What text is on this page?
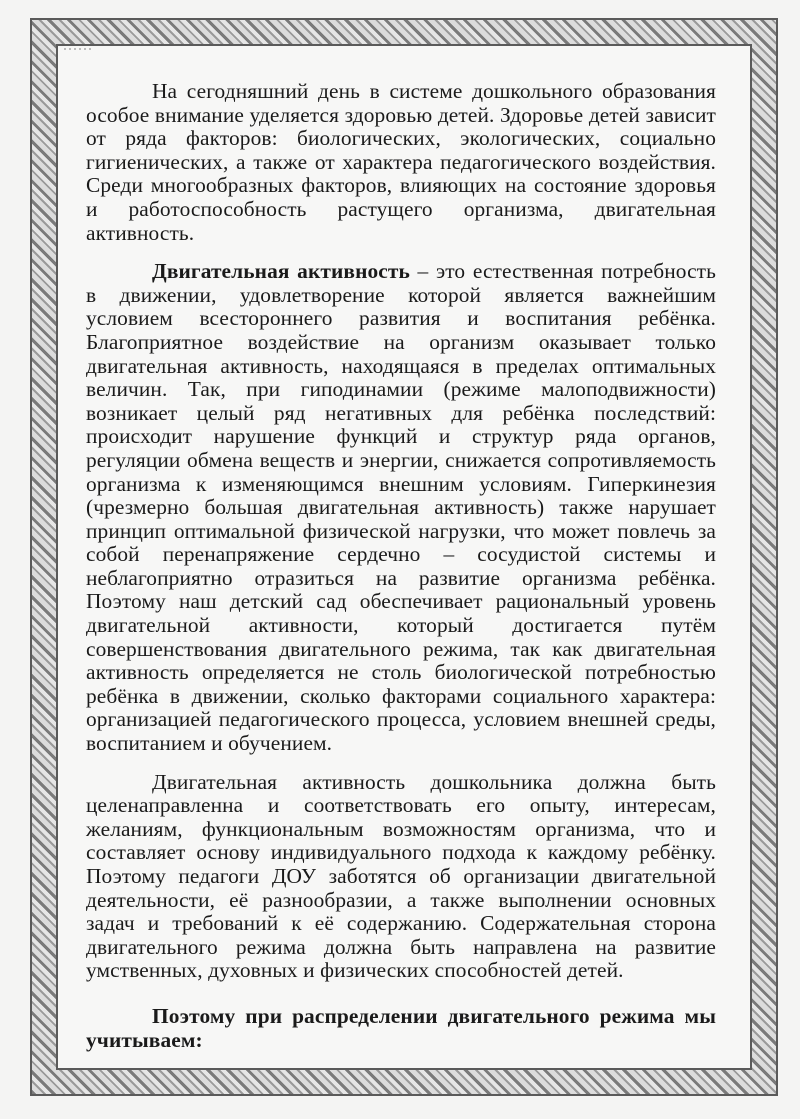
На сегодняшний день в системе дошкольного образования особое внимание уделяется здоровью детей. Здоровье детей зависит от ряда факторов: биологических, экологических, социально гигиенических, а также от характера педагогического воздействия. Среди многообразных факторов, влияющих на состояние здоровья и работоспособность растущего организма, двигательная активность.

Двигательная активность – это естественная потребность в движении, удовлетворение которой является важнейшим условием всестороннего развития и воспитания ребёнка. Благоприятное воздействие на организм оказывает только двигательная активность, находящаяся в пределах оптимальных величин. Так, при гиподинамии (режиме малоподвижности) возникает целый ряд негативных для ребёнка последствий: происходит нарушение функций и структур ряда органов, регуляции обмена веществ и энергии, снижается сопротивляемость организма к изменяющимся внешним условиям. Гиперкинезия (чрезмерно большая двигательная активность) также нарушает принцип оптимальной физической нагрузки, что может повлечь за собой перенапряжение сердечно – сосудистой системы и неблагоприятно отразиться на развитие организма ребёнка. Поэтому наш детский сад обеспечивает рациональный уровень двигательной активности, который достигается путём совершенствования двигательного режима, так как двигательная активность определяется не столь биологической потребностью ребёнка в движении, сколько факторами социального характера: организацией педагогического процесса, условием внешней среды, воспитанием и обучением.

Двигательная активность дошкольника должна быть целенаправленна и соответствовать его опыту, интересам, желаниям, функциональным возможностям организма, что и составляет основу индивидуального подхода к каждому ребёнку. Поэтому педагоги ДОУ заботятся об организации двигательной деятельности, её разнообразии, а также выполнении основных задач и требований к её содержанию. Содержательная сторона двигательного режима должна быть направлена на развитие умственных, духовных и физических способностей детей.

Поэтому при распределении двигательного режима мы учитываем:
